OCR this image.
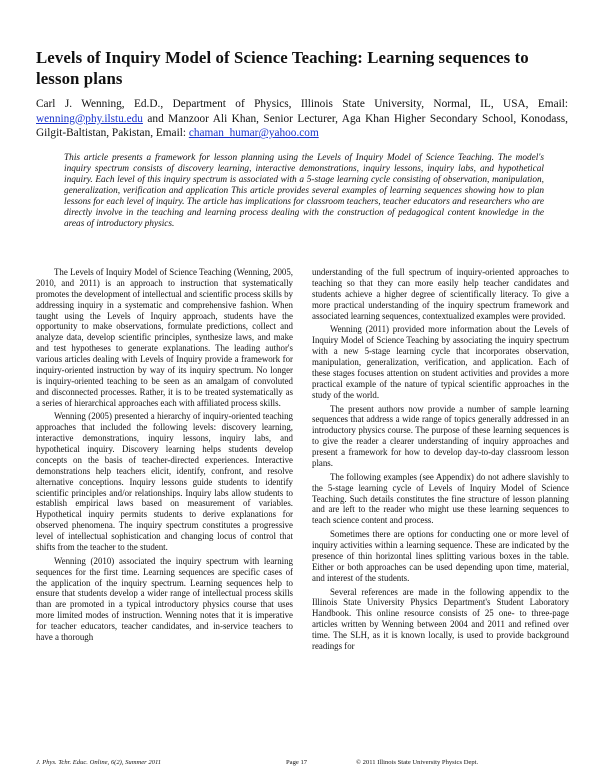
Levels of Inquiry Model of Science Teaching: Learning sequences to lesson plans
Carl J. Wenning, Ed.D., Department of Physics, Illinois State University, Normal, IL, USA, Email: wenning@phy.ilstu.edu and Manzoor Ali Khan, Senior Lecturer, Aga Khan Higher Secondary School, Konodass, Gilgit-Baltistan, Pakistan, Email: chaman_humar@yahoo.com
This article presents a framework for lesson planning using the Levels of Inquiry Model of Science Teaching. The model's inquiry spectrum consists of discovery learning, interactive demonstrations, inquiry lessons, inquiry labs, and hypothetical inquiry. Each level of this inquiry spectrum is associated with a 5-stage learning cycle consisting of observation, manipulation, generalization, verification and application This article provides several examples of learning sequences showing how to plan lessons for each level of inquiry. The article has implications for classroom teachers, teacher educators and researchers who are directly involve in the teaching and learning process dealing with the construction of pedagogical content knowledge in the areas of introductory physics.

The Levels of Inquiry Model of Science Teaching (Wenning, 2005, 2010, and 2011) is an approach to instruction that systematically promotes the development of intellectual and scientific process skills by addressing inquiry in a systematic and comprehensive fashion. When taught using the Levels of Inquiry approach, students have the opportunity to make observations, formulate predictions, collect and analyze data, develop scientific principles, synthesize laws, and make and test hypotheses to generate explanations. The leading author's various articles dealing with Levels of Inquiry provide a framework for inquiry-oriented instruction by way of its inquiry spectrum. No longer is inquiry-oriented teaching to be seen as an amalgam of convoluted and disconnected processes. Rather, it is to be treated systematically as a series of hierarchical approaches each with affiliated process skills.

Wenning (2005) presented a hierarchy of inquiry-oriented teaching approaches that included the following levels: discovery learning, interactive demonstrations, inquiry lessons, inquiry labs, and hypothetical inquiry. Discovery learning helps students develop concepts on the basis of teacher-directed experiences. Interactive demonstrations help teachers elicit, identify, confront, and resolve alternative conceptions. Inquiry lessons guide students to identify scientific principles and/or relationships. Inquiry labs allow students to establish empirical laws based on measurement of variables. Hypothetical inquiry permits students to derive explanations for observed phenomena. The inquiry spectrum constitutes a progressive level of intellectual sophistication and changing locus of control that shifts from the teacher to the student.

Wenning (2010) associated the inquiry spectrum with learning sequences for the first time. Learning sequences are specific cases of the application of the inquiry spectrum. Learning sequences help to ensure that students develop a wider range of intellectual process skills than are promoted in a typical introductory physics course that uses more limited modes of instruction. Wenning notes that it is imperative for teacher educators, teacher candidates, and in-service teachers to have a thorough

understanding of the full spectrum of inquiry-oriented approaches to teaching so that they can more easily help teacher candidates and students achieve a higher degree of scientifically literacy. To give a more practical understanding of the inquiry spectrum framework and associated learning sequences, contextualized examples were provided.

Wenning (2011) provided more information about the Levels of Inquiry Model of Science Teaching by associating the inquiry spectrum with a new 5-stage learning cycle that incorporates observation, manipulation, generalization, verification, and application. Each of these stages focuses attention on student activities and provides a more practical example of the nature of typical scientific approaches in the study of the world.

The present authors now provide a number of sample learning sequences that address a wide range of topics generally addressed in an introductory physics course. The purpose of these learning sequences is to give the reader a clearer understanding of inquiry approaches and present a framework for how to develop day-to-day classroom lesson plans.

The following examples (see Appendix) do not adhere slavishly to the 5-stage learning cycle of Levels of Inquiry Model of Science Teaching. Such details constitutes the fine structure of lesson planning and are left to the reader who might use these learning sequences to teach science content and process.

Sometimes there are options for conducting one or more level of inquiry activities within a learning sequence. These are indicated by the presence of thin horizontal lines splitting various boxes in the table. Either or both approaches can be used depending upon time, material, and interest of the students.

Several references are made in the following appendix to the Illinois State University Physics Department's Student Laboratory Handbook. This online resource consists of 25 one- to three-page articles written by Wenning between 2004 and 2011 and refined over time. The SLH, as it is known locally, is used to provide background readings for

J. Phys. Tchr. Educ. Online, 6(2), Summer 2011	Page 17	© 2011 Illinois State University Physics Dept.
